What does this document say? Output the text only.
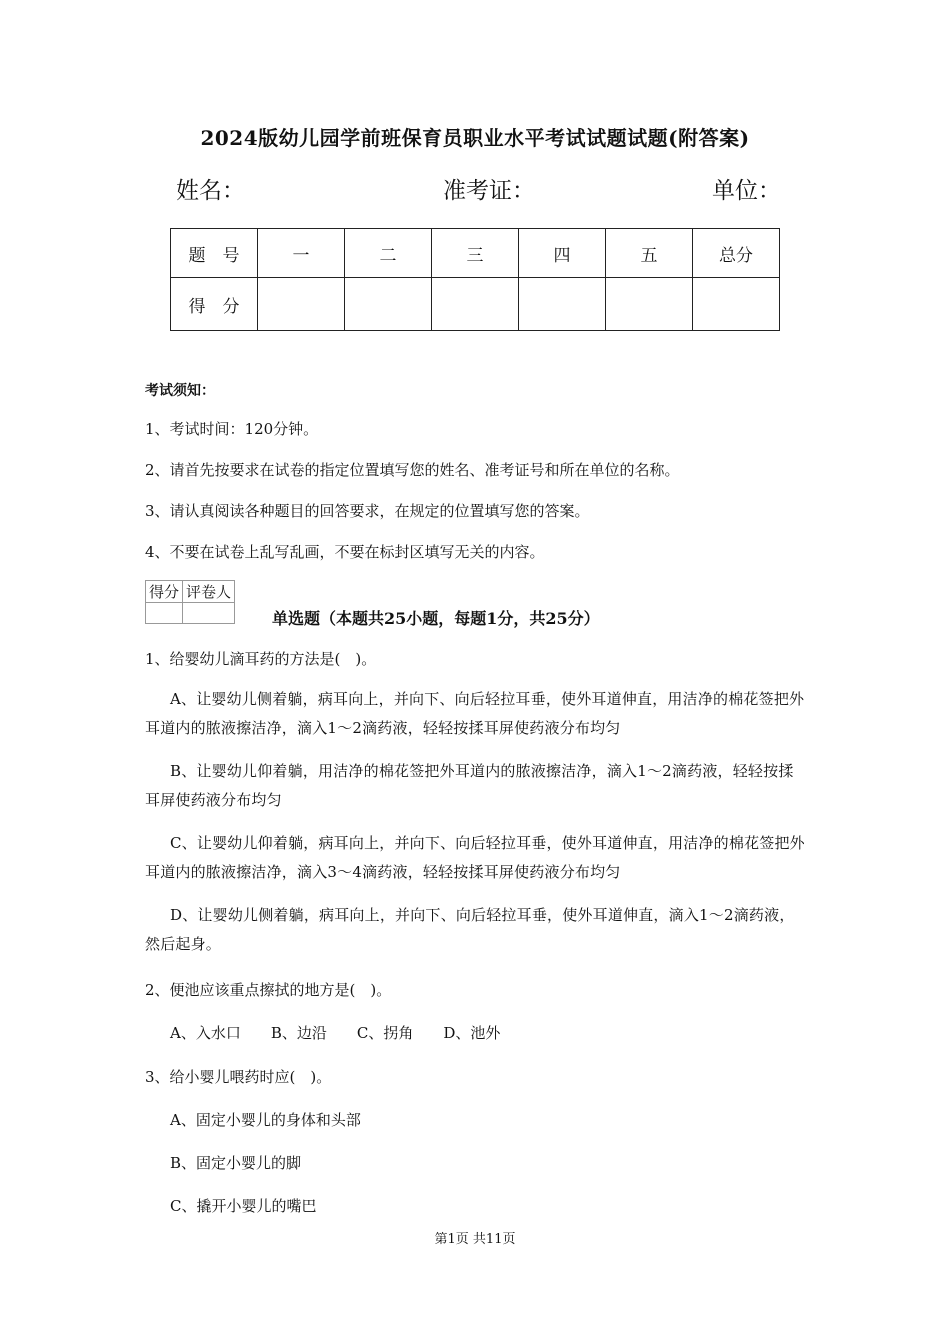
2024版幼儿园学前班保育员职业水平考试试题试题(附答案)
姓名：	准考证：	单位：
题　号	一	二	三	四	五	总分
得　分						
考试须知：
1、考试时间：120分钟。
2、请首先按要求在试卷的指定位置填写您的姓名、准考证号和所在单位的名称。
3、请认真阅读各种题目的回答要求，在规定的位置填写您的答案。
4、不要在试卷上乱写乱画，不要在标封区填写无关的内容。
得分	评卷人

单选题（本题共25小题，每题1分，共25分）
1、给婴幼儿滴耳药的方法是(　)。
A、让婴幼儿侧着躺，病耳向上，并向下、向后轻拉耳垂，使外耳道伸直，用洁净的棉花签把外耳道内的脓液擦洁净，滴入1～2滴药液，轻轻按揉耳屏使药液分布均匀
B、让婴幼儿仰着躺，用洁净的棉花签把外耳道内的脓液擦洁净，滴入1～2滴药液，轻轻按揉耳屏使药液分布均匀
C、让婴幼儿仰着躺，病耳向上，并向下、向后轻拉耳垂，使外耳道伸直，用洁净的棉花签把外耳道内的脓液擦洁净，滴入3～4滴药液，轻轻按揉耳屏使药液分布均匀
D、让婴幼儿侧着躺，病耳向上，并向下、向后轻拉耳垂，使外耳道伸直，滴入1～2滴药液，然后起身。
2、便池应该重点擦拭的地方是(　)。
A、入水口　　B、边沿　　C、拐角　　D、池外
3、给小婴儿喂药时应(　)。
A、固定小婴儿的身体和头部
B、固定小婴儿的脚
C、撬开小婴儿的嘴巴
第1页 共11页
